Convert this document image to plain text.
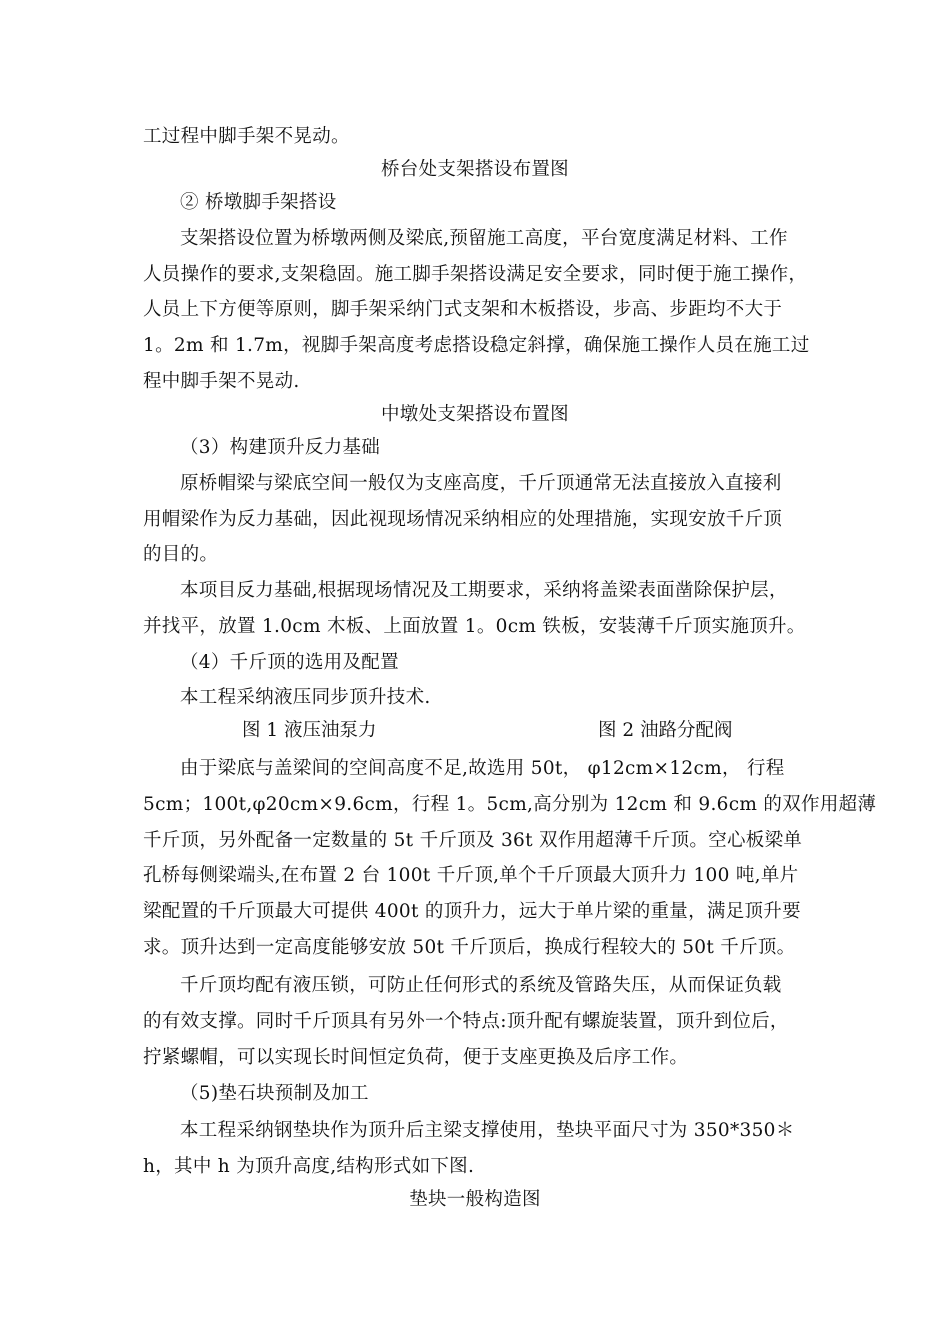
工过程中脚手架不晃动。
桥台处支架搭设布置图
② 桥墩脚手架搭设
支架搭设位置为桥墩两侧及梁底,预留施工高度，平台宽度满足材料、工作
人员操作的要求,支架稳固。施工脚手架搭设满足安全要求，同时便于施工操作，
人员上下方便等原则，脚手架采纳门式支架和木板搭设，步高、步距均不大于
1。2m 和 1.7m，视脚手架高度考虑搭设稳定斜撑，确保施工操作人员在施工过
程中脚手架不晃动.
中墩处支架搭设布置图
（3）构建顶升反力基础
原桥帽梁与梁底空间一般仅为支座高度，千斤顶通常无法直接放入直接利
用帽梁作为反力基础，因此视现场情况采纳相应的处理措施，实现安放千斤顶
的目的。
本项目反力基础,根据现场情况及工期要求，采纳将盖梁表面凿除保护层，
并找平，放置 1.0cm 木板、上面放置 1。0cm 铁板，安装薄千斤顶实施顶升。
（4）千斤顶的选用及配置
本工程采纳液压同步顶升技术.
图 1 液压油泵力	图 2 油路分配阀
由于梁底与盖梁间的空间高度不足,故选用 50t， φ12cm×12cm， 行程
5cm；100t,φ20cm×9.6cm，行程 1。5cm,高分别为 12cm 和 9.6cm 的双作用超薄
千斤顶，另外配备一定数量的 5t 千斤顶及 36t 双作用超薄千斤顶。空心板梁单
孔桥每侧梁端头,在布置 2 台 100t 千斤顶,单个千斤顶最大顶升力 100 吨,单片
梁配置的千斤顶最大可提供 400t 的顶升力，远大于单片梁的重量，满足顶升要
求。顶升达到一定高度能够安放 50t 千斤顶后，换成行程较大的 50t 千斤顶。
千斤顶均配有液压锁，可防止任何形式的系统及管路失压，从而保证负载
的有效支撑。同时千斤顶具有另外一个特点:顶升配有螺旋装置，顶升到位后，
拧紧螺帽，可以实现长时间恒定负荷，便于支座更换及后序工作。
（5)垫石块预制及加工
本工程采纳钢垫块作为顶升后主梁支撑使用，垫块平面尺寸为 350*350＊
h，其中 h 为顶升高度,结构形式如下图.
垫块一般构造图
